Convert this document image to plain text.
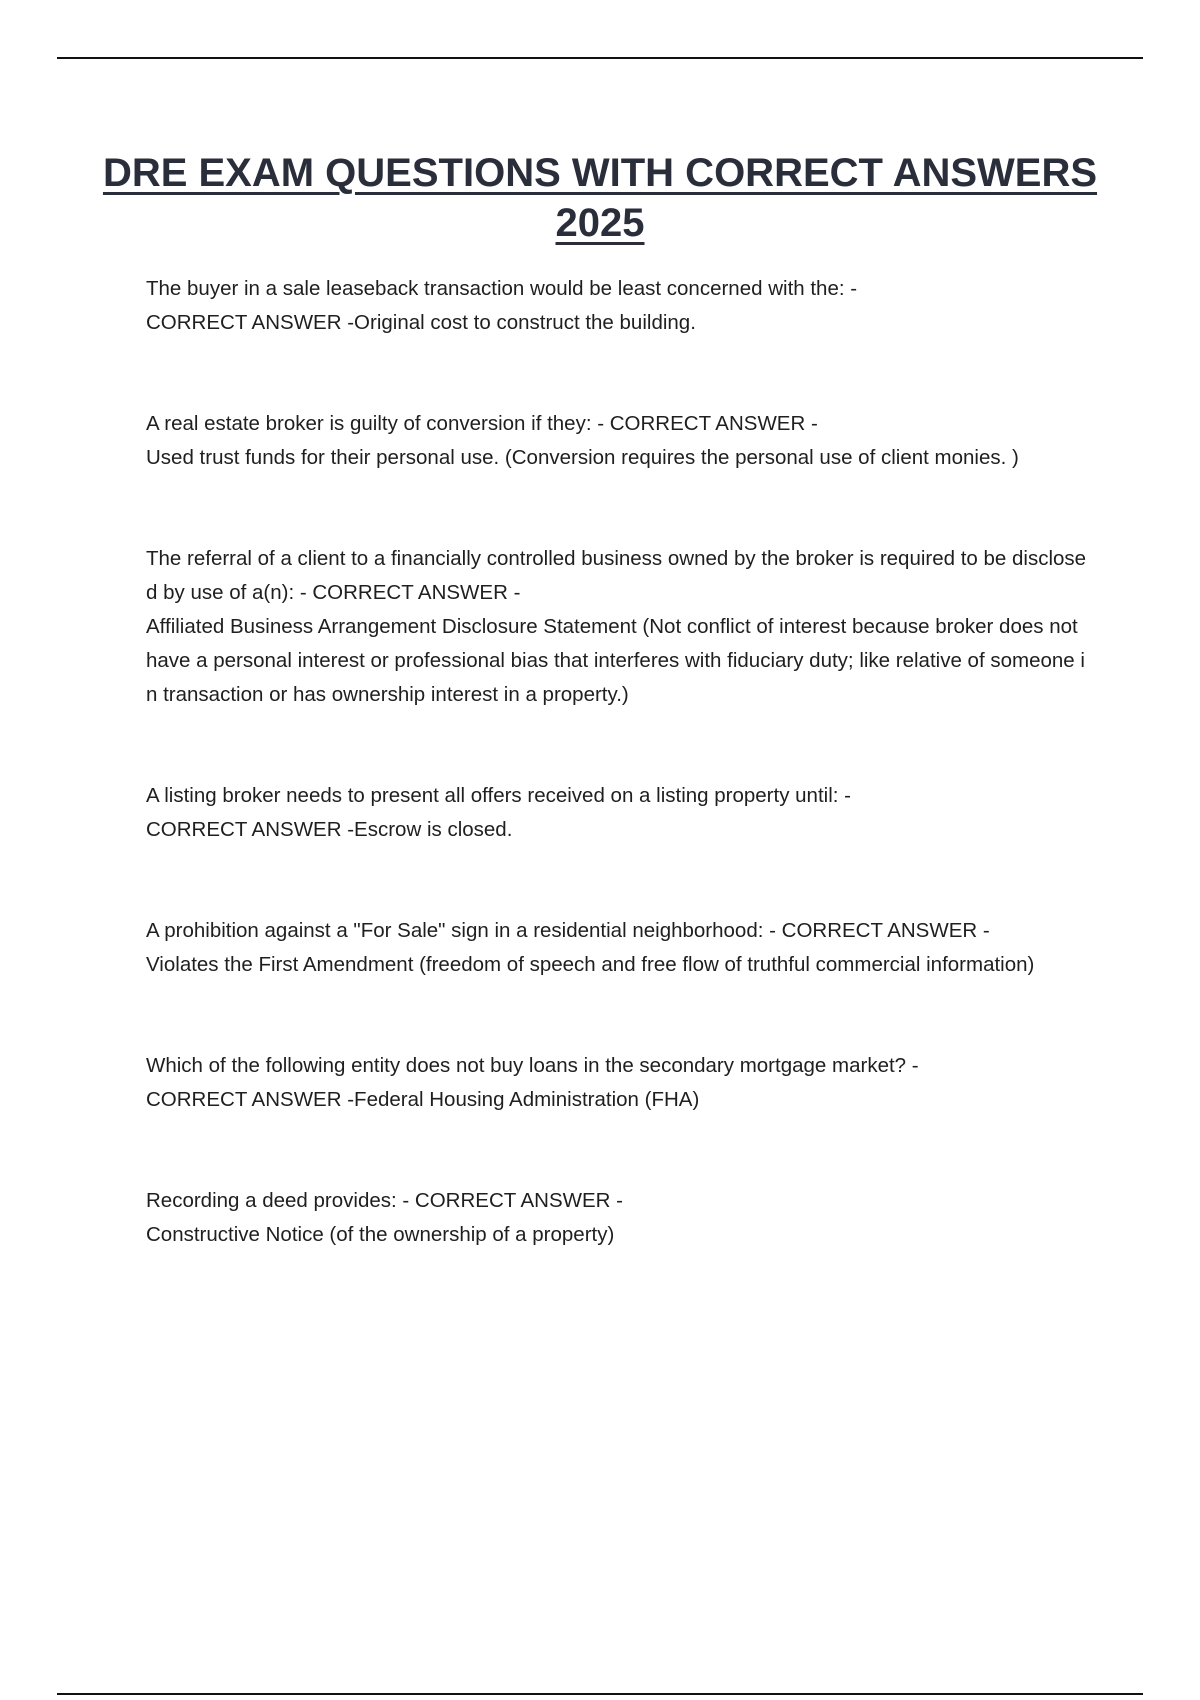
DRE EXAM QUESTIONS WITH CORRECT ANSWERS 2025
The buyer in a sale leaseback transaction would be least concerned with the: -
CORRECT ANSWER -Original cost to construct the building.
A real estate broker is guilty of conversion if they: - CORRECT ANSWER -
Used trust funds for their personal use. (Conversion requires the personal use of client monies. )
The referral of a client to a financially controlled business owned by the broker is required to be disclosed by use of a(n): - CORRECT ANSWER -
Affiliated Business Arrangement Disclosure Statement (Not conflict of interest because broker does not have a personal interest or professional bias that interferes with fiduciary duty; like relative of someone in transaction or has ownership interest in a property.)
A listing broker needs to present all offers received on a listing property until: -
CORRECT ANSWER -Escrow is closed.
A prohibition against a "For Sale" sign in a residential neighborhood: - CORRECT ANSWER -
Violates the First Amendment (freedom of speech and free flow of truthful commercial information)
Which of the following entity does not buy loans in the secondary mortgage market? -
CORRECT ANSWER -Federal Housing Administration (FHA)
Recording a deed provides: - CORRECT ANSWER -
Constructive Notice (of the ownership of a property)
